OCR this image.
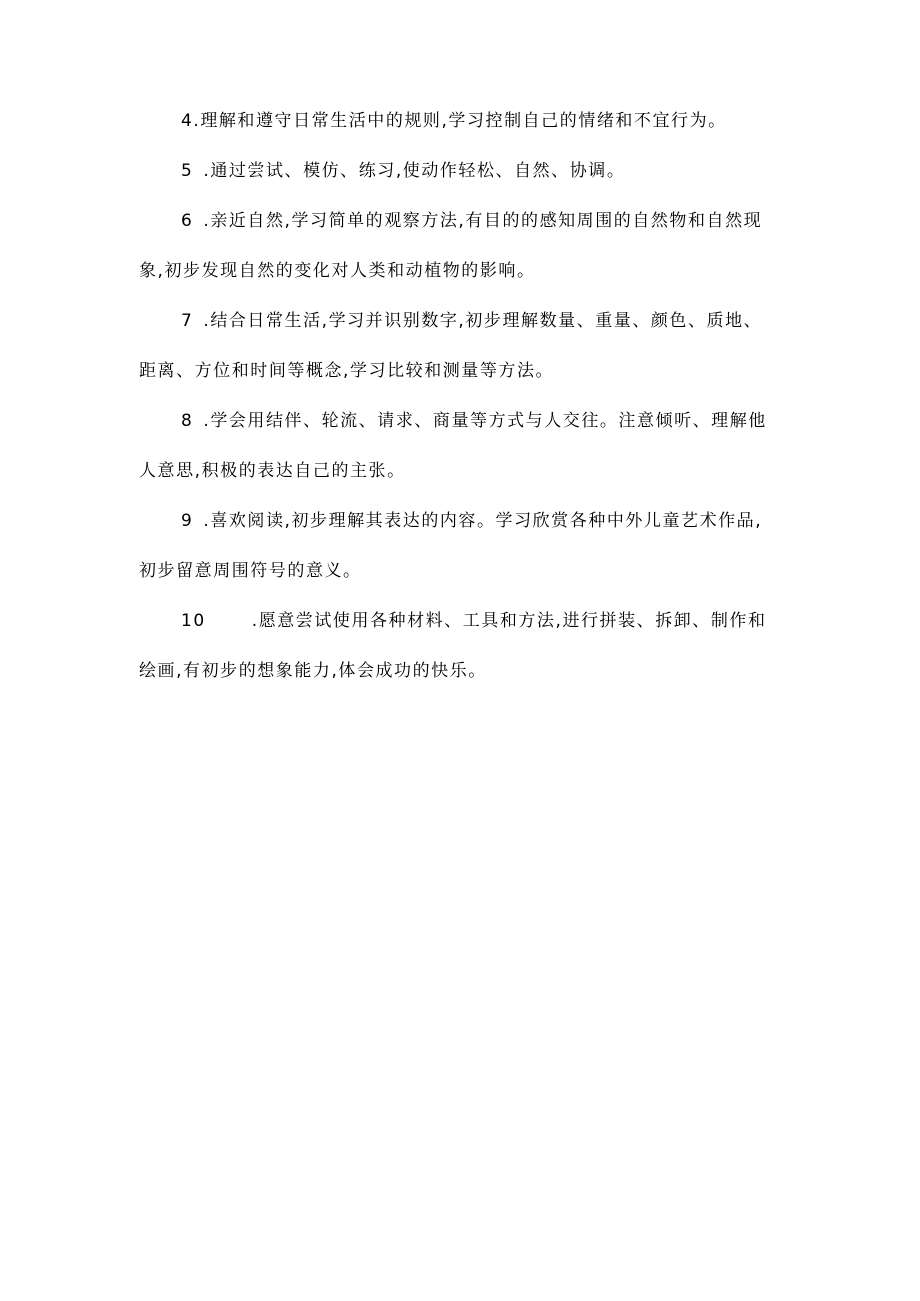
4.理解和遵守日常生活中的规则,学习控制自己的情绪和不宜行为。

5 .通过尝试、模仿、练习,使动作轻松、自然、协调。

6 .亲近自然,学习简单的观察方法,有目的的感知周围的自然物和自然现象,初步发现自然的变化对人类和动植物的影响。

7 .结合日常生活,学习并识别数字,初步理解数量、重量、颜色、质地、距离、方位和时间等概念,学习比较和测量等方法。

8 .学会用结伴、轮流、请求、商量等方式与人交往。注意倾听、理解他人意思,积极的表达自己的主张。

9 .喜欢阅读,初步理解其表达的内容。学习欣赏各种中外儿童艺术作品,初步留意周围符号的意义。

10	.愿意尝试使用各种材料、工具和方法,进行拼装、拆卸、制作和绘画,有初步的想象能力,体会成功的快乐。
